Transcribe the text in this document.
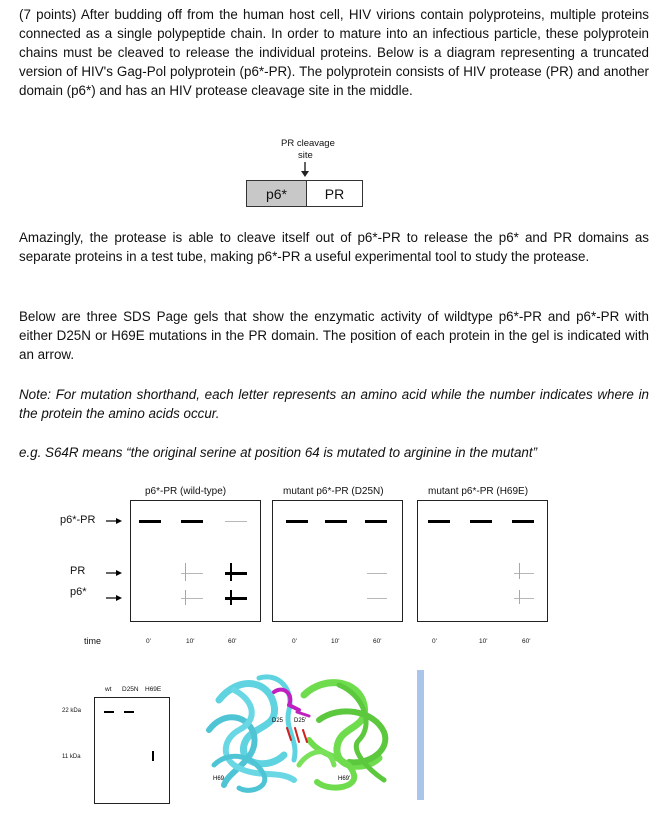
(7 points) After budding off from the human host cell, HIV virions contain polyproteins, multiple proteins connected as a single polypeptide chain. In order to mature into an infectious particle, these polyprotein chains must be cleaved to release the individual proteins. Below is a diagram representing a truncated version of HIV's Gag-Pol polyprotein (p6*-PR). The polyprotein consists of HIV protease (PR) and another domain (p6*) and has an HIV protease cleavage site in the middle.

PR cleavage
site
p6*	PR

Amazingly, the protease is able to cleave itself out of p6*-PR to release the p6* and PR domains as separate proteins in a test tube, making p6*-PR a useful experimental tool to study the protease.

Below are three SDS Page gels that show the enzymatic activity of wildtype p6*-PR and p6*-PR with either D25N or H69E mutations in the PR domain. The position of each protein in the gel is indicated with an arrow.

Note: For mutation shorthand, each letter represents an amino acid while the number indicates where in the protein the amino acids occur.

e.g. S64R means “the original serine at position 64 is mutated to arginine in the mutant”

p6*-PR (wild-type)	mutant p6*-PR (D25N)	mutant p6*-PR (H69E)
p6*-PR
PR
p6*
time	0'	10'	60'	0'	10'	60'	0'	10'	60'
wt D25N H69E
22 kDa
11 kDa
D25 D25'
H69	H69'
